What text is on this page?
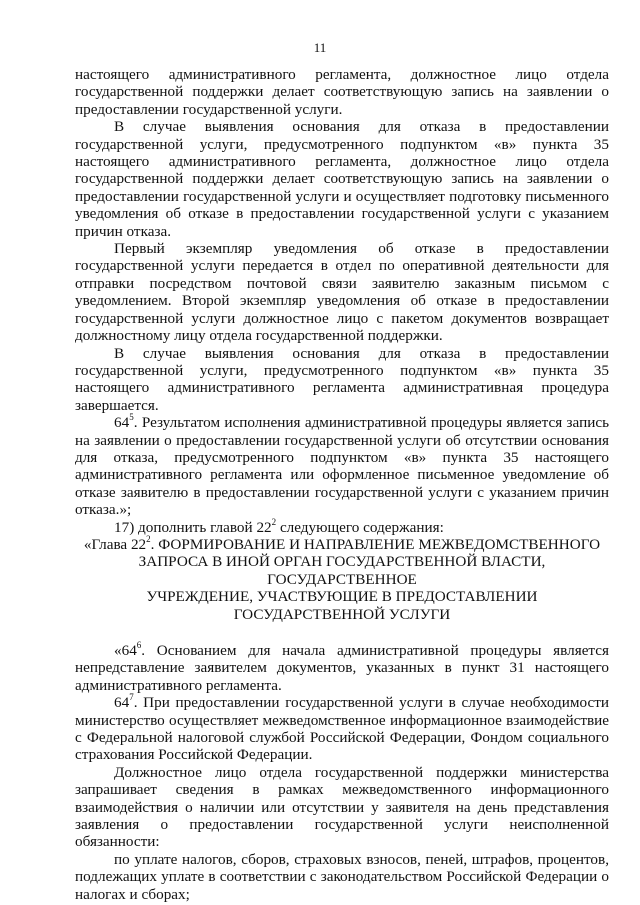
11

настоящего административного регламента, должностное лицо отдела государственной поддержки делает соответствующую запись на заявлении о предоставлении государственной услуги.

В случае выявления основания для отказа в предоставлении государственной услуги, предусмотренного подпунктом «в» пункта 35 настоящего административного регламента, должностное лицо отдела государственной поддержки делает соответствующую запись на заявлении о предоставлении государственной услуги и осуществляет подготовку письменного уведомления об отказе в предоставлении государственной услуги с указанием причин отказа.

Первый экземпляр уведомления об отказе в предоставлении государственной услуги передается в отдел по оперативной деятельности для отправки посредством почтовой связи заявителю заказным письмом с уведомлением. Второй экземпляр уведомления об отказе в предоставлении государственной услуги должностное лицо с пакетом документов возвращает должностному лицу отдела государственной поддержки.

В случае выявления основания для отказа в предоставлении государственной услуги, предусмотренного подпунктом «в» пункта 35 настоящего административного регламента административная процедура завершается.

$64^5$. Результатом исполнения административной процедуры является запись на заявлении о предоставлении государственной услуги об отсутствии основания для отказа, предусмотренного подпунктом «в» пункта 35 настоящего административного регламента или оформленное письменное уведомление об отказе заявителю в предоставлении государственной услуги с указанием причин отказа.»;

17) дополнить главой $22^2$ следующего содержания:

«Глава $22^2$. ФОРМИРОВАНИЕ И НАПРАВЛЕНИЕ МЕЖВЕДОМСТВЕННОГО
ЗАПРОСА В ИНОЙ ОРГАН ГОСУДАРСТВЕННОЙ ВЛАСТИ, ГОСУДАРСТВЕННОЕ
УЧРЕЖДЕНИЕ, УЧАСТВУЮЩИЕ В ПРЕДОСТАВЛЕНИИ ГОСУДАРСТВЕННОЙ УСЛУГИ

«$64^6$. Основанием для начала административной процедуры является непредставление заявителем документов, указанных в пункт 31 настоящего административного регламента.

$64^7$. При предоставлении государственной услуги в случае необходимости министерство осуществляет межведомственное информационное взаимодействие с Федеральной налоговой службой Российской Федерации, Фондом социального страхования Российской Федерации.

Должностное лицо отдела государственной поддержки министерства запрашивает сведения в рамках межведомственного информационного взаимодействия о наличии или отсутствии у заявителя на день представления заявления о предоставлении государственной услуги неисполненной обязанности:

по уплате налогов, сборов, страховых взносов, пеней, штрафов, процентов, подлежащих уплате в соответствии с законодательством Российской Федерации о налогах и сборах;
